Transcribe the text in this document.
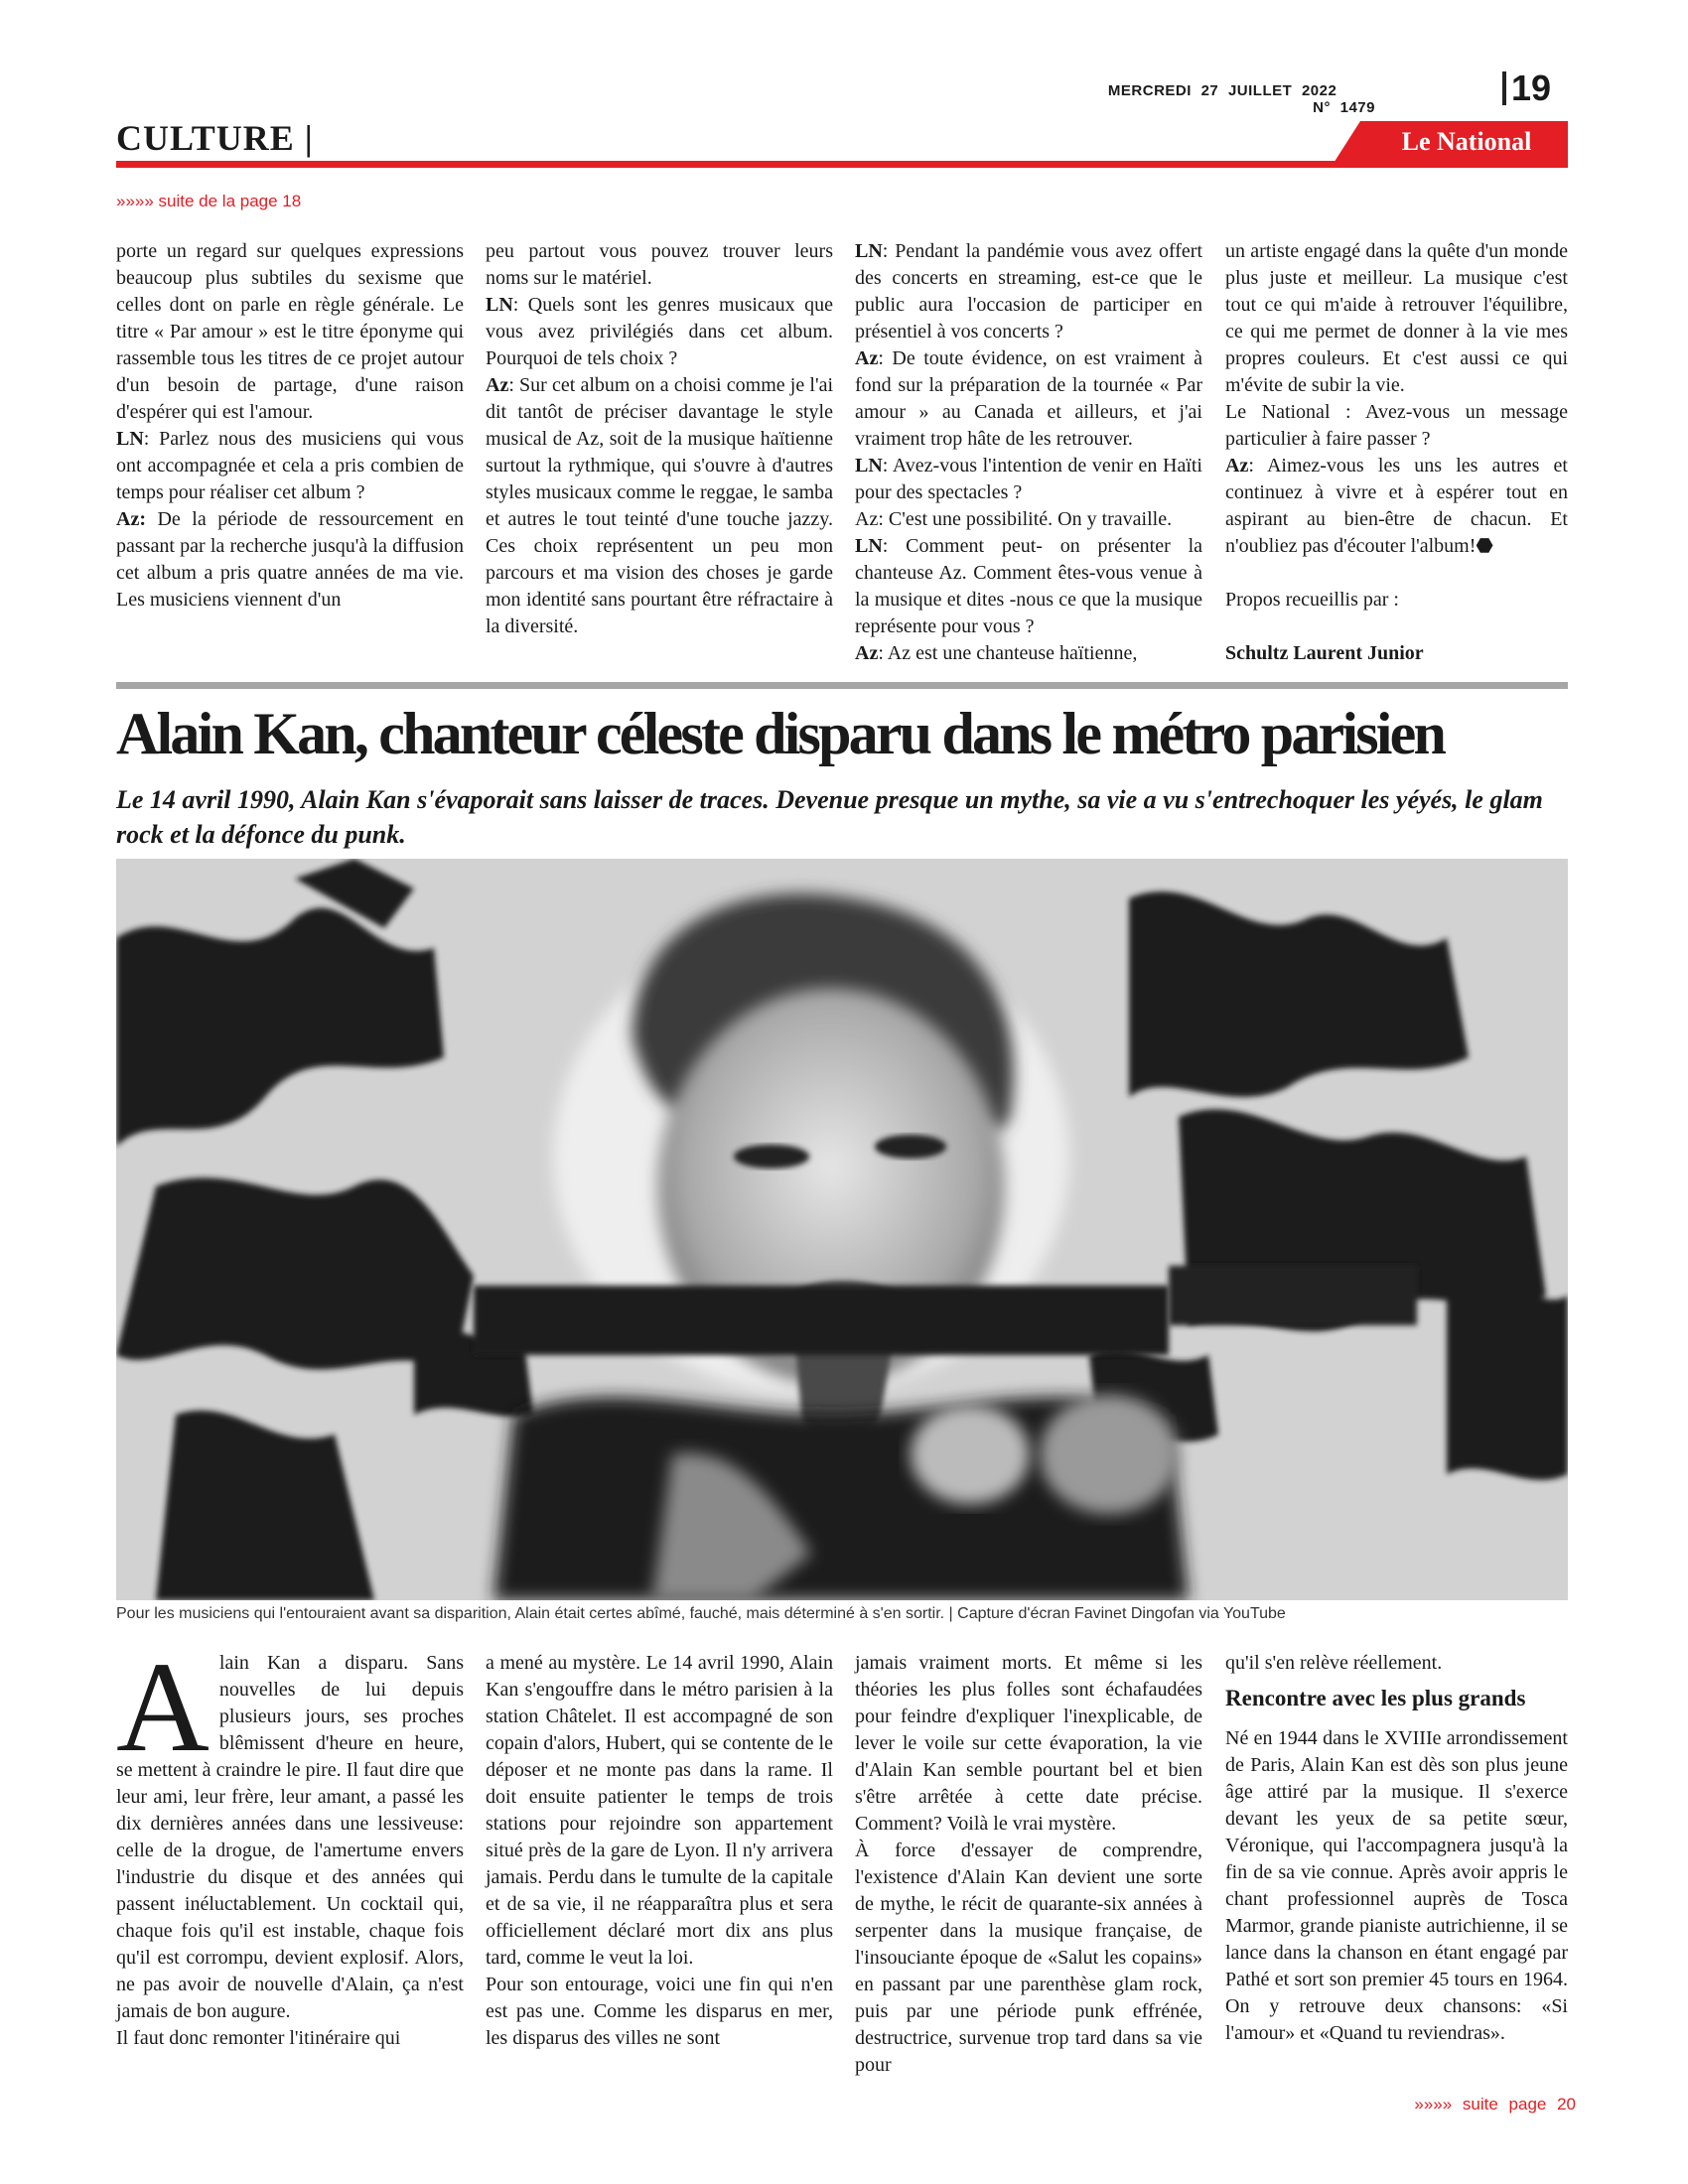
MERCREDI 27 JUILLET 2022     N° 1479	19
CULTURE |	Le National
»»»» suite de la page 18

porte un regard sur quelques expressions beaucoup plus subtiles du sexisme que celles dont on parle en règle générale. Le titre « Par amour » est le titre éponyme qui rassemble tous les titres de ce projet autour d'un besoin de partage, d'une raison d'espérer qui est l'amour.

LN: Parlez nous des musiciens qui vous ont accompagnée et cela a pris combien de temps pour réaliser cet album ?

Az: De la période de ressourcement en passant par la recherche jusqu'à la diffusion cet album a pris quatre années de ma vie. Les musiciens viennent d'un

peu partout vous pouvez trouver leurs noms sur le matériel.

LN: Quels sont les genres musicaux que vous avez privilégiés dans cet album. Pourquoi de tels choix ?

Az: Sur cet album on a choisi comme je l'ai dit tantôt de préciser davantage le style musical de Az, soit de la musique haïtienne surtout la rythmique, qui s'ouvre à d'autres styles musicaux comme le reggae, le samba et autres le tout teinté d'une touche jazzy. Ces choix représentent un peu mon parcours et ma vision des choses je garde mon identité sans pourtant être réfractaire à la diversité.

LN: Pendant la pandémie vous avez offert des concerts en streaming, est-ce que le public aura l'occasion de participer en présentiel à vos concerts ?

Az: De toute évidence, on est vraiment à fond sur la préparation de la tournée « Par amour » au Canada et ailleurs, et j'ai vraiment trop hâte de les retrouver.

LN: Avez-vous l'intention de venir en Haïti pour des spectacles ?

Az: C'est une possibilité. On y travaille.

LN: Comment peut- on présenter la chanteuse Az. Comment êtes-vous venue à la musique et dites -nous ce que la musique représente pour vous ?

Az: Az est une chanteuse haïtienne,

un artiste engagé dans la quête d'un monde plus juste et meilleur. La musique c'est tout ce qui m'aide à retrouver l'équilibre, ce qui me permet de donner à la vie mes propres couleurs. Et c'est aussi ce qui m'évite de subir la vie.

Le National : Avez-vous un message particulier à faire passer ?

Az: Aimez-vous les uns les autres et continuez à vivre et à espérer tout en aspirant au bien-être de chacun. Et n'oubliez pas d'écouter l'album!⬣

Propos recueillis par :

Schultz Laurent Junior

Alain Kan, chanteur céleste disparu dans le métro parisien
Le 14 avril 1990, Alain Kan s'évaporait sans laisser de traces. Devenue presque un mythe, sa vie a vu s'entrechoquer les yéyés, le glam rock et la défonce du punk.
Pour les musiciens qui l'entouraient avant sa disparition, Alain était certes abîmé, fauché, mais déterminé à s'en sortir. | Capture d'écran Favinet Dingofan via YouTube

Alain Kan a disparu. Sans nouvelles de lui depuis plusieurs jours, ses proches blêmissent d'heure en heure, se mettent à craindre le pire. Il faut dire que leur ami, leur frère, leur amant, a passé les dix dernières années dans une lessiveuse: celle de la drogue, de l'amertume envers l'industrie du disque et des années qui passent inéluctablement. Un cocktail qui, chaque fois qu'il est instable, chaque fois qu'il est corrompu, devient explosif. Alors, ne pas avoir de nouvelle d'Alain, ça n'est jamais de bon augure.

Il faut donc remonter l'itinéraire qui

a mené au mystère. Le 14 avril 1990, Alain Kan s'engouffre dans le métro parisien à la station Châtelet. Il est accompagné de son copain d'alors, Hubert, qui se contente de le déposer et ne monte pas dans la rame. Il doit ensuite patienter le temps de trois stations pour rejoindre son appartement situé près de la gare de Lyon. Il n'y arrivera jamais. Perdu dans le tumulte de la capitale et de sa vie, il ne réapparaîtra plus et sera officiellement déclaré mort dix ans plus tard, comme le veut la loi.

Pour son entourage, voici une fin qui n'en est pas une. Comme les disparus en mer, les disparus des villes ne sont

jamais vraiment morts. Et même si les théories les plus folles sont échafaudées pour feindre d'expliquer l'inexplicable, de lever le voile sur cette évaporation, la vie d'Alain Kan semble pourtant bel et bien s'être arrêtée à cette date précise. Comment? Voilà le vrai mystère.

À force d'essayer de comprendre, l'existence d'Alain Kan devient une sorte de mythe, le récit de quarante-six années à serpenter dans la musique française, de l'insouciante époque de «Salut les copains» en passant par une parenthèse glam rock, puis par une période punk effrénée, destructrice, survenue trop tard dans sa vie pour

qu'il s'en relève réellement.

Rencontre avec les plus grands

Né en 1944 dans le XVIIIe arrondissement de Paris, Alain Kan est dès son plus jeune âge attiré par la musique. Il s'exerce devant les yeux de sa petite sœur, Véronique, qui l'accompagnera jusqu'à la fin de sa vie connue. Après avoir appris le chant professionnel auprès de Tosca Marmor, grande pianiste autrichienne, il se lance dans la chanson en étant engagé par Pathé et sort son premier 45 tours en 1964. On y retrouve deux chansons: «Si l'amour» et «Quand tu reviendras».

»»»» suite page 20
